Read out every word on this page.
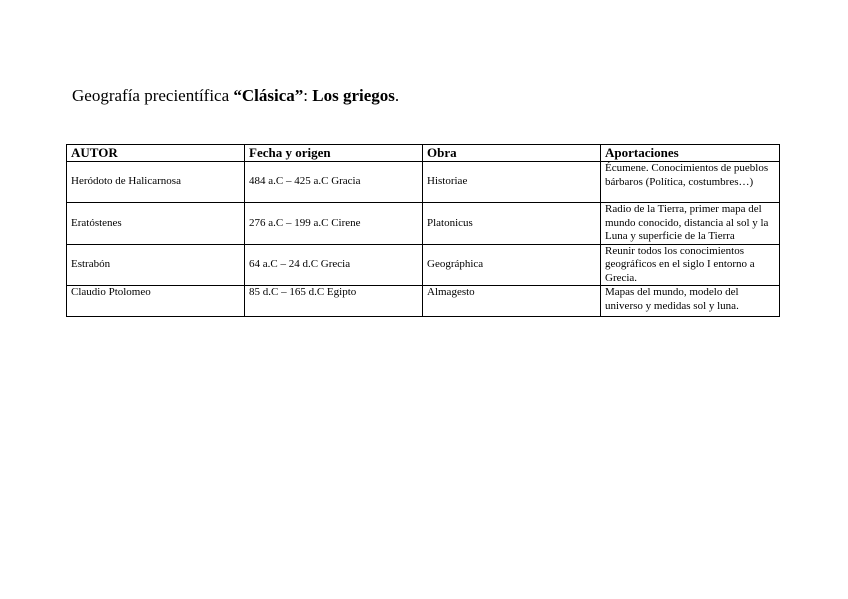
Geografía precientífica “Clásica”: Los griegos.
AUTOR	Fecha y origen	Obra	Aportaciones
Heródoto de Halicarnosa	484 a.C – 425 a.C Gracia	Historiae	Écumene. Conocimientos de pueblos bárbaros (Política, costumbres…)
Eratóstenes	276 a.C – 199 a.C Cirene	Platonicus	Radio de la Tierra, primer mapa del mundo conocido, distancia al sol y la Luna y superficie de la Tierra
Estrabón	64 a.C – 24 d.C Grecia	Geográphica	Reunir todos los conocimientos geográficos en el siglo I entorno a Grecia.
Claudio Ptolomeo	85 d.C – 165 d.C Egipto	Almagesto	Mapas del mundo, modelo del universo y medidas sol y luna.
